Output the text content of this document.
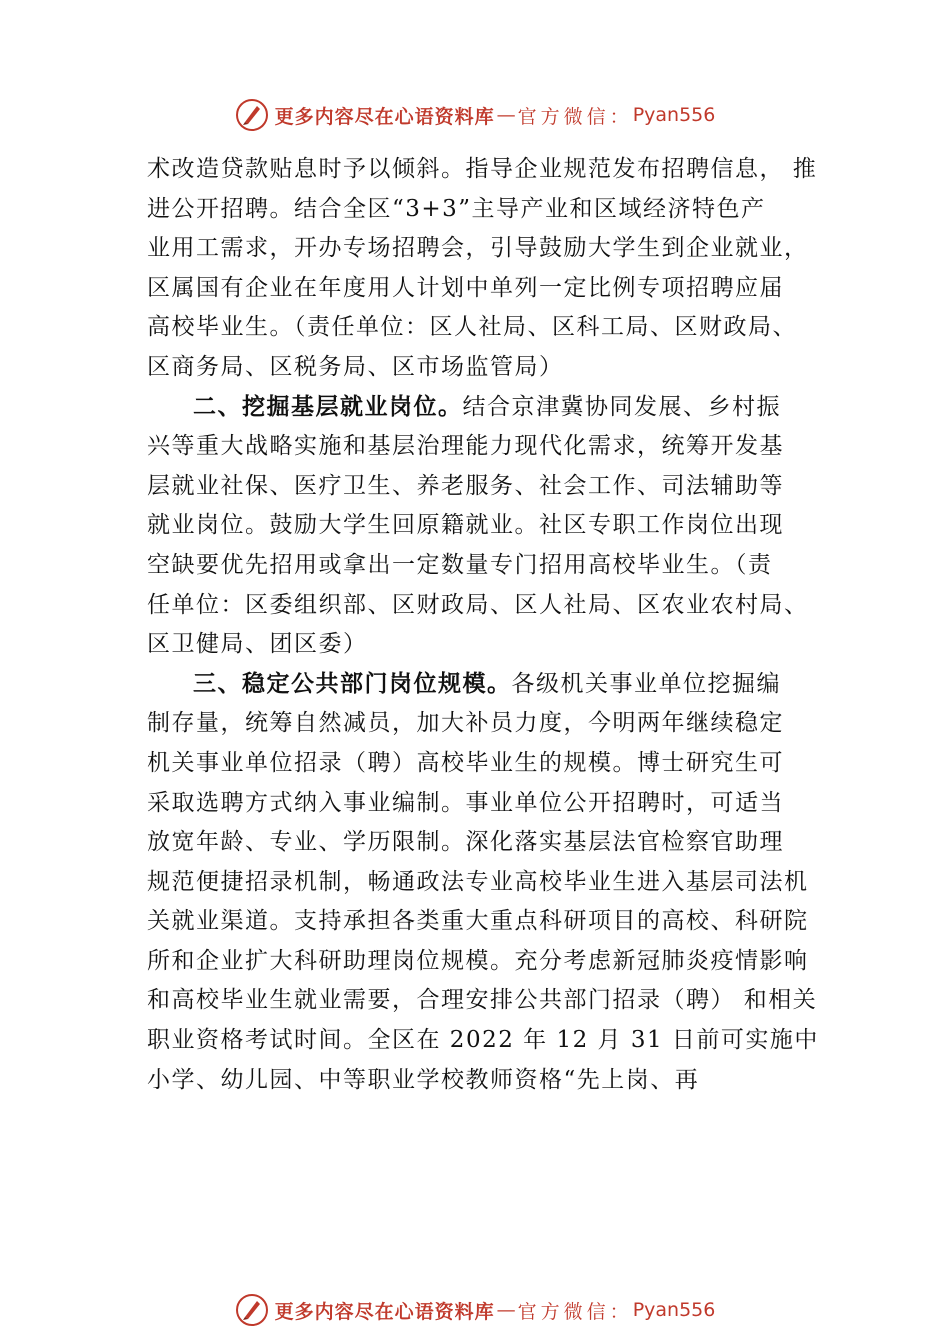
更多内容尽在心语资料库 — 官方微信： Pyan556
术改造贷款贴息时予以倾斜。指导企业规范发布招聘信息， 推
进公开招聘。结合全区“3+3”主导产业和区域经济特色产
业用工需求，开办专场招聘会，引导鼓励大学生到企业就业，
区属国有企业在年度用人计划中单列一定比例专项招聘应届
高校毕业生。（责任单位：区人社局、区科工局、区财政局、
区商务局、区税务局、区市场监管局）
二、挖掘基层就业岗位。结合京津冀协同发展、乡村振
兴等重大战略实施和基层治理能力现代化需求，统筹开发基
层就业社保、医疗卫生、养老服务、社会工作、司法辅助等
就业岗位。鼓励大学生回原籍就业。社区专职工作岗位出现
空缺要优先招用或拿出一定数量专门招用高校毕业生。（责
任单位：区委组织部、区财政局、区人社局、区农业农村局、
区卫健局、团区委）
三、稳定公共部门岗位规模。各级机关事业单位挖掘编
制存量，统筹自然减员，加大补员力度，今明两年继续稳定
机关事业单位招录（聘）高校毕业生的规模。博士研究生可
采取选聘方式纳入事业编制。事业单位公开招聘时，可适当
放宽年龄、专业、学历限制。深化落实基层法官检察官助理
规范便捷招录机制，畅通政法专业高校毕业生进入基层司法机
关就业渠道。支持承担各类重大重点科研项目的高校、科研院
所和企业扩大科研助理岗位规模。充分考虑新冠肺炎疫情影响
和高校毕业生就业需要，合理安排公共部门招录（聘） 和相关
职业资格考试时间。全区在 2022 年 12 月 31 日前可实施中
小学、幼儿园、中等职业学校教师资格“先上岗、再
更多内容尽在心语资料库 — 官方微信： Pyan556
